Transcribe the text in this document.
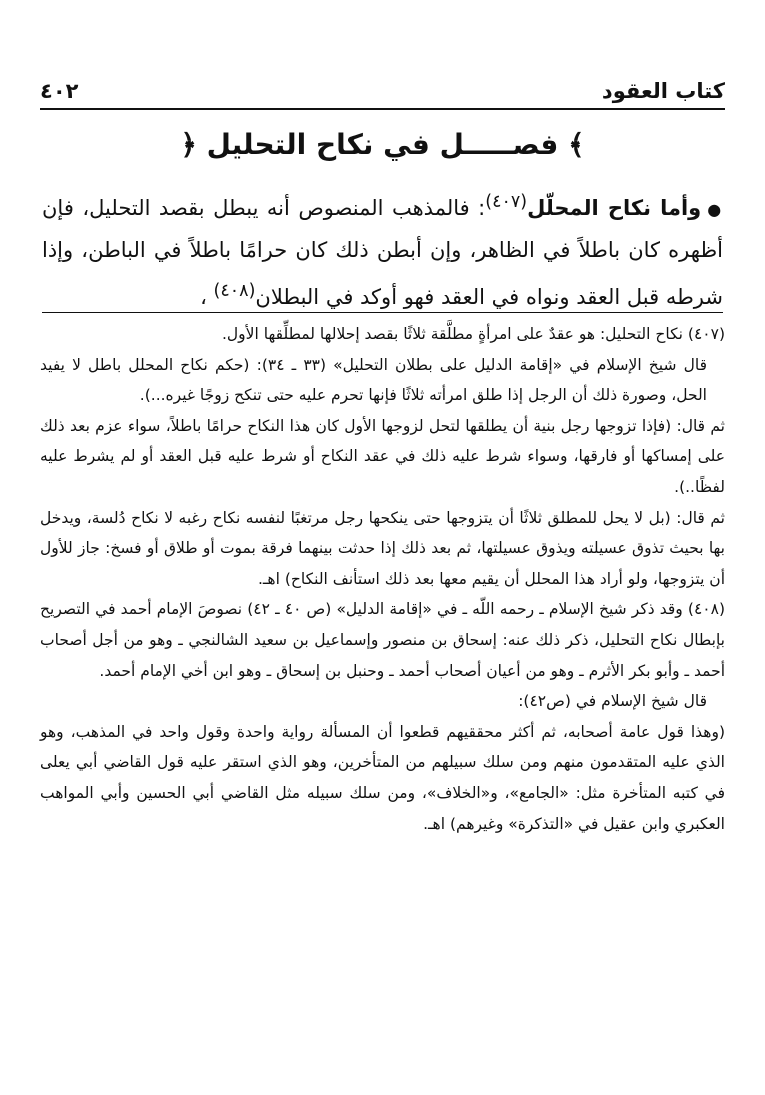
٤٠٢	كتاب العقود
﴿ فصـــــل في نكاح التحليل ﴾

●وأما نكاح المحلّل$^{(٤٠٧)}$: فالمذهب المنصوص أنه يبطل بقصد التحليل، فإن أظهره كان باطلاً في الظاهر، وإن أبطن ذلك كان حرامًا باطلاً في الباطن، وإذا شرطه قبل العقد ونواه في العقد فهو أوكد في البطلان$^{(٤٠٨)}$ ،

(٤٠٧) نكاح التحليل: هو عقدٌ على امرأةٍ مطلَّقة ثلاثًا بقصد إحلالها لمطلِّقها الأول.

قال شيخ الإسلام في «إقامة الدليل على بطلان التحليل» (٣٣ ـ ٣٤): (حكم نكاح المحلل باطل لا يفيد الحل، وصورة ذلك أن الرجل إذا طلق امرأته ثلاثًا فإنها تحرم عليه حتى تنكح زوجًا غيره...).

ثم قال: (فإذا تزوجها رجل بنية أن يطلقها لتحل لزوجها الأول كان هذا النكاح حرامًا باطلاً، سواء عزم بعد ذلك على إمساكها أو فارقها، وسواء شرط عليه ذلك في عقد النكاح أو شرط عليه قبل العقد أو لم يشرط عليه لفظًا..).

ثم قال: (بل لا يحل للمطلق ثلاثًا أن يتزوجها حتى ينكحها رجل مرتغبًا لنفسه نكاح رغبه لا نكاح دُلسة، ويدخل بها بحيث تذوق عسيلته ويذوق عسيلتها، ثم بعد ذلك إذا حدثت بينهما فرقة بموت أو طلاق أو فسخ: جاز للأول أن يتزوجها، ولو أراد هذا المحلل أن يقيم معها بعد ذلك استأنف النكاح) اهـ.

(٤٠٨) وقد ذكر شيخ الإسلام ـ رحمه اللّه ـ في «إقامة الدليل» (ص ٤٠ ـ ٤٢) نصوصَ الإمام أحمد في التصريح بإبطال نكاح التحليل، ذكر ذلك عنه: إسحاق بن منصور وإسماعيل بن سعيد الشالنجي ـ وهو من أجل أصحاب أحمد ـ وأبو بكر الأثرم ـ وهو من أعيان أصحاب أحمد ـ وحنبل بن إسحاق ـ وهو ابن أخي الإمام أحمد.

قال شيخ الإسلام في (ص٤٢):

(وهذا قول عامة أصحابه، ثم أكثر محققيهم قطعوا أن المسألة رواية واحدة وقول واحد في المذهب، وهو الذي عليه المتقدمون منهم ومن سلك سبيلهم من المتأخرين، وهو الذي استقر عليه قول القاضي أبي يعلى في كتبه المتأخرة مثل: «الجامع»، و«الخلاف»، ومن سلك سبيله مثل القاضي أبي الحسين وأبي المواهب العكبري وابن عقيل في «التذكرة» وغيرهم) اهـ.
